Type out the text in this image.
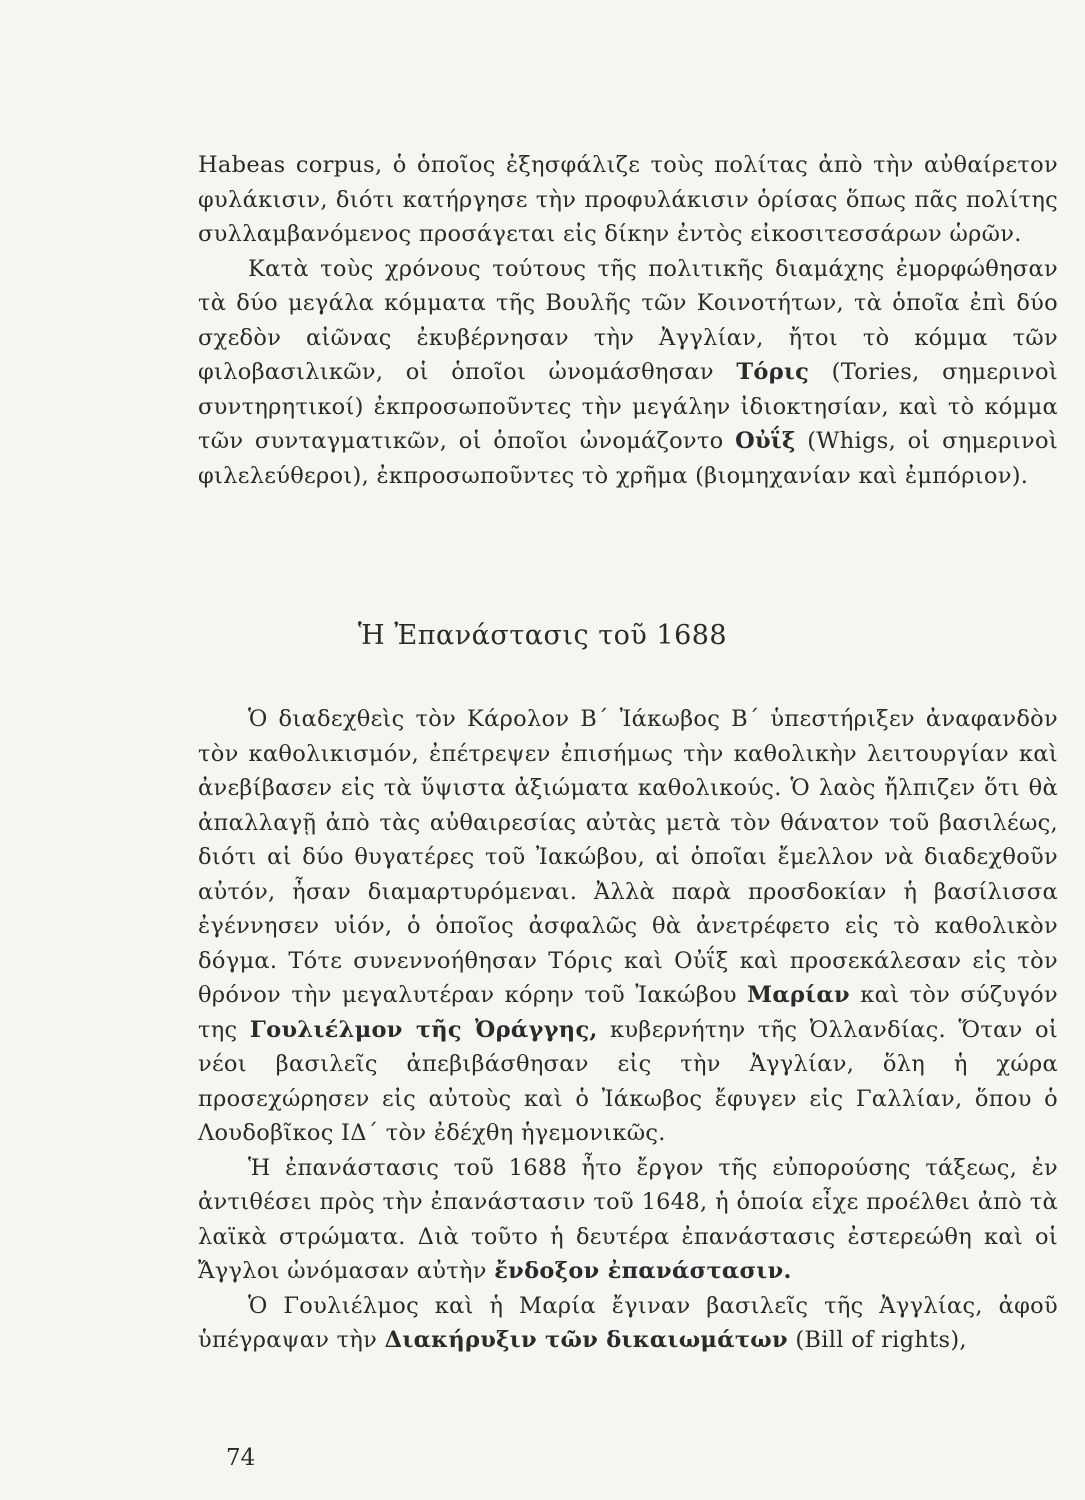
Habeas corpus, ὁ ὁποῖος ἐξησφάλιζε τοὺς πολίτας ἀπὸ τὴν αὐθαίρετον φυλάκισιν, διότι κατήργησε τὴν προφυλάκισιν ὁρίσας ὅπως πᾶς πολίτης συλλαμβανόμενος προσάγεται εἰς δίκην ἐντὸς εἰκοσιτεσσάρων ὡρῶν.

Κατὰ τοὺς χρόνους τούτους τῆς πολιτικῆς διαμάχης ἐμορφώθησαν τὰ δύο μεγάλα κόμματα τῆς Βουλῆς τῶν Κοινοτήτων, τὰ ὁποῖα ἐπὶ δύο σχεδὸν αἰῶνας ἐκυβέρνησαν τὴν Ἀγγλίαν, ἤτοι τὸ κόμμα τῶν φιλοβασιλικῶν, οἱ ὁποῖοι ὠνομάσθησαν Τόρις (Tories, σημερινοὶ συντηρητικοί) ἐκπροσωποῦντες τὴν μεγάλην ἰδιοκτησίαν, καὶ τὸ κόμμα τῶν συνταγματικῶν, οἱ ὁποῖοι ὠνομάζοντο Οὐΐξ (Whigs, οἱ σημερινοὶ φιλελεύθεροι), ἐκπροσωποῦντες τὸ χρῆμα (βιομηχανίαν καὶ ἐμπόριον).

Ἡ Ἐπανάστασις τοῦ 1688

Ὁ διαδεχθεὶς τὸν Κάρολον Β΄ Ἰάκωβος Β΄ ὑπεστήριξεν ἀναφανδὸν τὸν καθολικισμόν, ἐπέτρεψεν ἐπισήμως τὴν καθολικὴν λειτουργίαν καὶ ἀνεβίβασεν εἰς τὰ ὕψιστα ἀξιώματα καθολικούς. Ὁ λαὸς ἤλπιζεν ὅτι θὰ ἀπαλλαγῇ ἀπὸ τὰς αὐθαιρεσίας αὐτὰς μετὰ τὸν θάνατον τοῦ βασιλέως, διότι αἱ δύο θυγατέρες τοῦ Ἰακώβου, αἱ ὁποῖαι ἔμελλον νὰ διαδεχθοῦν αὐτόν, ἦσαν διαμαρτυρόμεναι. Ἀλλὰ παρὰ προσδοκίαν ἡ βασίλισσα ἐγέννησεν υἱόν, ὁ ὁποῖος ἀσφαλῶς θὰ ἀνετρέφετο εἰς τὸ καθολικὸν δόγμα. Τότε συνεννοήθησαν Τόρις καὶ Οὐΐξ καὶ προσεκάλεσαν εἰς τὸν θρόνον τὴν μεγαλυτέραν κόρην τοῦ Ἰακώβου Μαρίαν καὶ τὸν σύζυγόν της Γουλιέλμον τῆς Ὀράγγης, κυβερνήτην τῆς Ὀλλανδίας. Ὅταν οἱ νέοι βασιλεῖς ἀπεβιβάσθησαν εἰς τὴν Ἀγγλίαν, ὅλη ἡ χώρα προσεχώρησεν εἰς αὐτοὺς καὶ ὁ Ἰάκωβος ἔφυγεν εἰς Γαλλίαν, ὅπου ὁ Λουδοβῖκος ΙΔ΄ τὸν ἐδέχθη ἡγεμονικῶς.

Ἡ ἐπανάστασις τοῦ 1688 ἦτο ἔργον τῆς εὐπορούσης τάξεως, ἐν ἀντιθέσει πρὸς τὴν ἐπανάστασιν τοῦ 1648, ἡ ὁποία εἶχε προέλθει ἀπὸ τὰ λαϊκὰ στρώματα. Διὰ τοῦτο ἡ δευτέρα ἐπανάστασις ἐστερεώθη καὶ οἱ Ἄγγλοι ὠνόμασαν αὐτὴν ἔνδοξον ἐπανάστασιν.

Ὁ Γουλιέλμος καὶ ἡ Μαρία ἔγιναν βασιλεῖς τῆς Ἀγγλίας, ἀφοῦ ὑπέγραψαν τὴν Διακήρυξιν τῶν δικαιωμάτων (Bill of rights),

74
